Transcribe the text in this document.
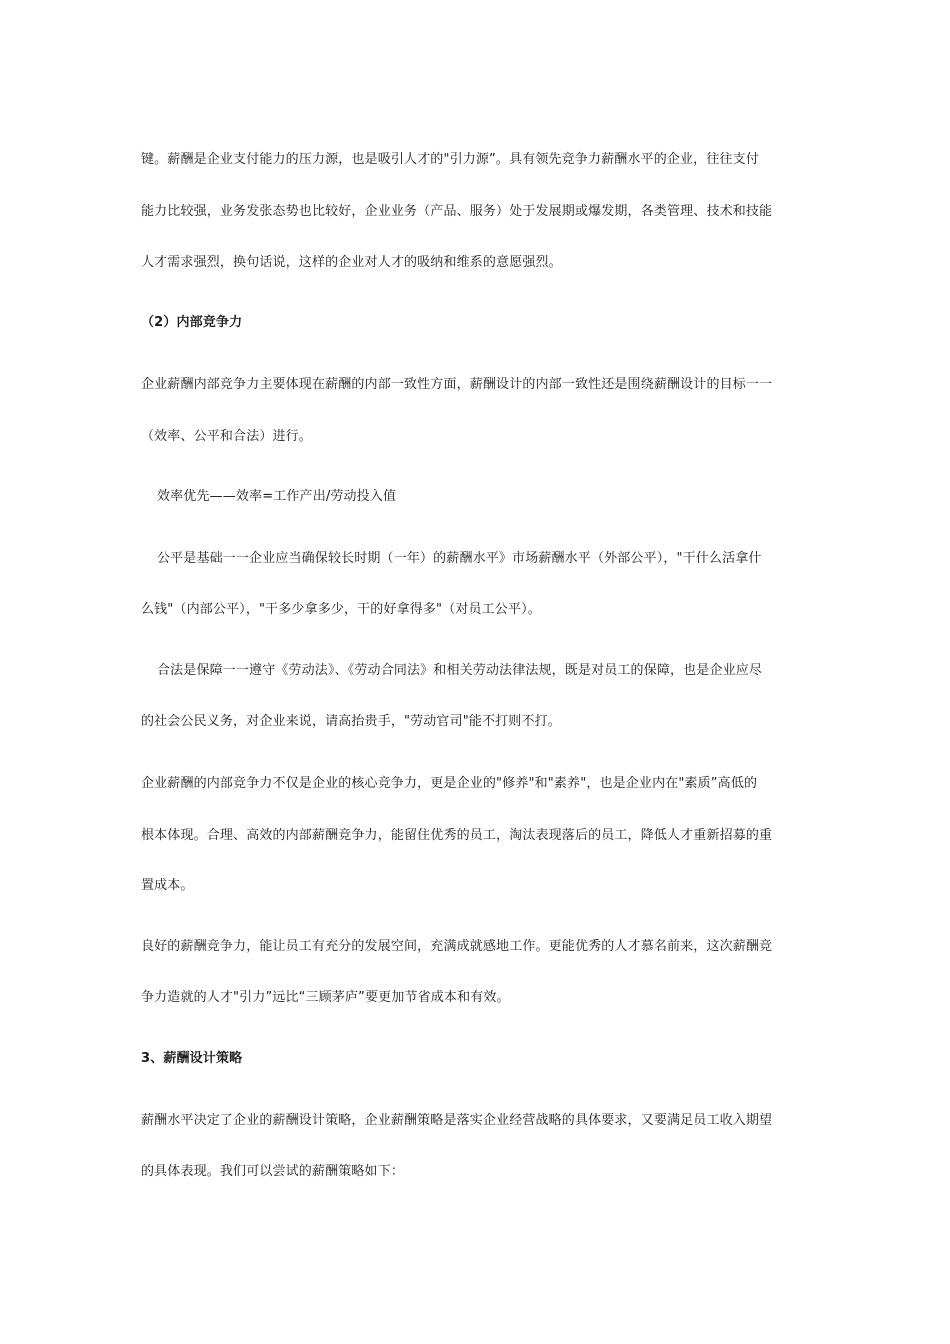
键。薪酬是企业支付能力的压力源，也是吸引人才的"引力源”。具有领先竞争力薪酬水平的企业，往往支付
能力比较强，业务发张态势也比较好，企业业务（产品、服务）处于发展期或爆发期，各类管理、技术和技能
人才需求强烈，换句话说，这样的企业对人才的吸纳和维系的意愿强烈。
（2）内部竞争力
企业薪酬内部竞争力主要体现在薪酬的内部一致性方面，薪酬设计的内部一致性还是围绕薪酬设计的目标一一
（效率、公平和合法）进行。
效率优先——效率=工作产出/劳动投入值
公平是基础一一企业应当确保较长时期（一年）的薪酬水平》市场薪酬水平（外部公平），"干什么活拿什
么钱"（内部公平），"干多少拿多少，干的好拿得多"（对员工公平）。
合法是保障一一遵守《劳动法》、《劳动合同法》和相关劳动法律法规，既是对员工的保障，也是企业应尽
的社会公民义务，对企业来说，请高抬贵手，"劳动官司"能不打则不打。
企业薪酬的内部竞争力不仅是企业的核心竞争力，更是企业的"修养"和"素养"，也是企业内在"素质”高低的
根本体现。合理、高效的内部薪酬竞争力，能留住优秀的员工，淘汰表现落后的员工，降低人才重新招募的重
置成本。
良好的薪酬竞争力，能让员工有充分的发展空间，充满成就感地工作。更能优秀的人才慕名前来，这次薪酬竞
争力造就的人才"引力”远比“三顾茅庐”要更加节省成本和有效。
3、薪酬设计策略
薪酬水平决定了企业的薪酬设计策略，企业薪酬策略是落实企业经营战略的具体要求，又要满足员工收入期望
的具体表现。我们可以尝试的薪酬策略如下：
